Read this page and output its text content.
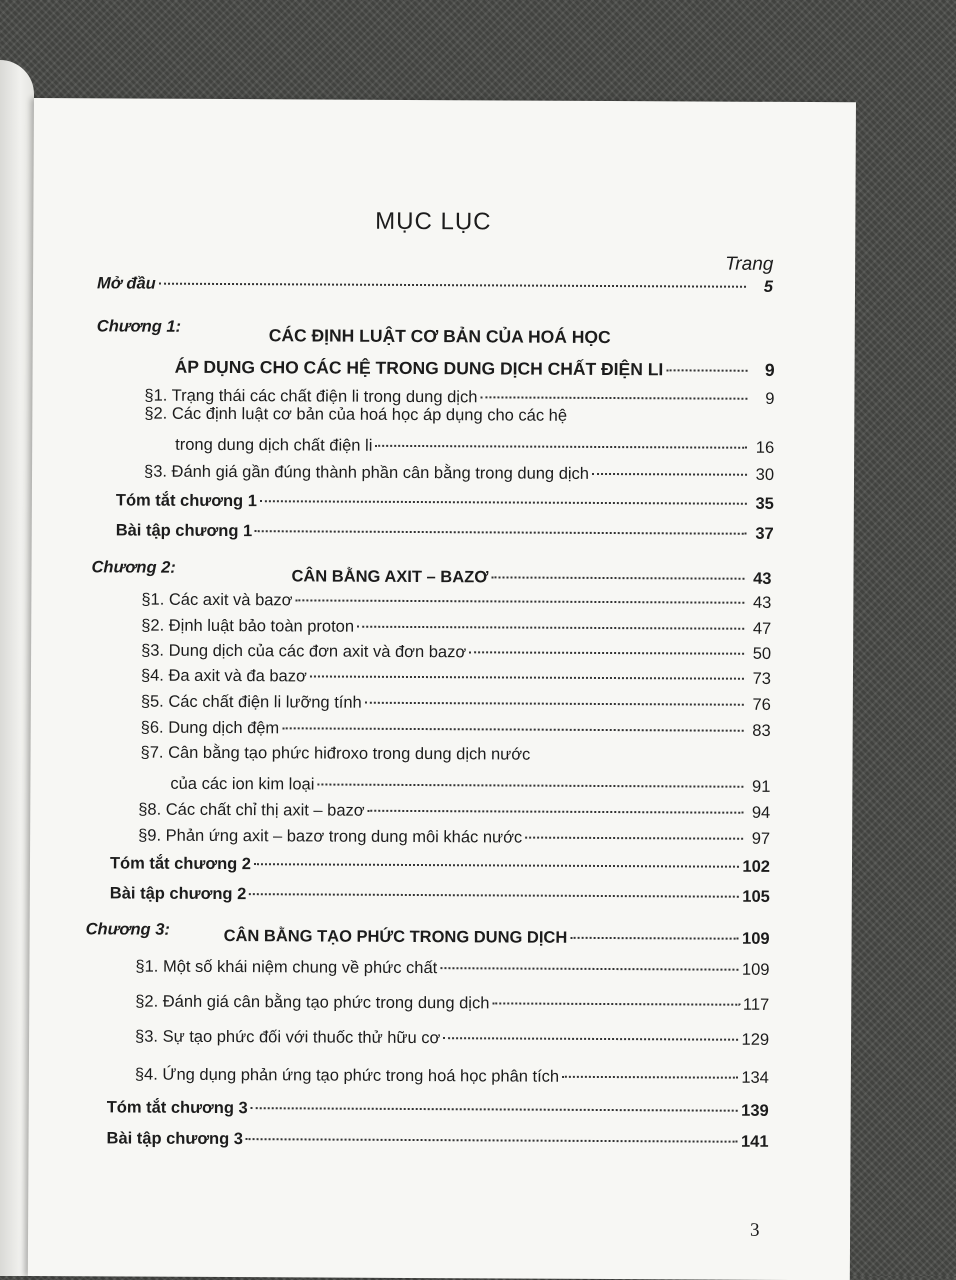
MỤC LỤC
Trang
Mở đầu	5
Chương 1:	CÁC ĐỊNH LUẬT CƠ BẢN CỦA HOÁ HỌC
ÁP DỤNG CHO CÁC HỆ TRONG DUNG DỊCH CHẤT ĐIỆN LI	9
§1. Trạng thái các chất điện li trong dung dịch	9
§2. Các định luật cơ bản của hoá học áp dụng cho các hệ
trong dung dịch chất điện li	16
§3. Đánh giá gần đúng thành phần cân bằng trong dung dịch	30
Tóm tắt chương 1	35
Bài tập chương 1	37
Chương 2:	CÂN BẰNG AXIT – BAZƠ	43
§1. Các axit và bazơ	43
§2. Định luật bảo toàn proton	47
§3. Dung dịch của các đơn axit và đơn bazơ	50
§4. Đa axit và đa bazơ	73
§5. Các chất điện li lưỡng tính	76
§6. Dung dịch đệm	83
§7. Cân bằng tạo phức hiđroxo trong dung dịch nước
của các ion kim loại	91
§8. Các chất chỉ thị axit – bazơ	94
§9. Phản ứng axit – bazơ trong dung môi khác nước	97
Tóm tắt chương 2	102
Bài tập chương 2	105
Chương 3:	CÂN BẰNG TẠO PHỨC TRONG DUNG DỊCH	109
§1. Một số khái niệm chung về phức chất	109
§2. Đánh giá cân bằng tạo phức trong dung dịch	117
§3. Sự tạo phức đối với thuốc thử hữu cơ	129
§4. Ứng dụng phản ứng tạo phức trong hoá học phân tích	134
Tóm tắt chương 3	139
Bài tập chương 3	141
3
